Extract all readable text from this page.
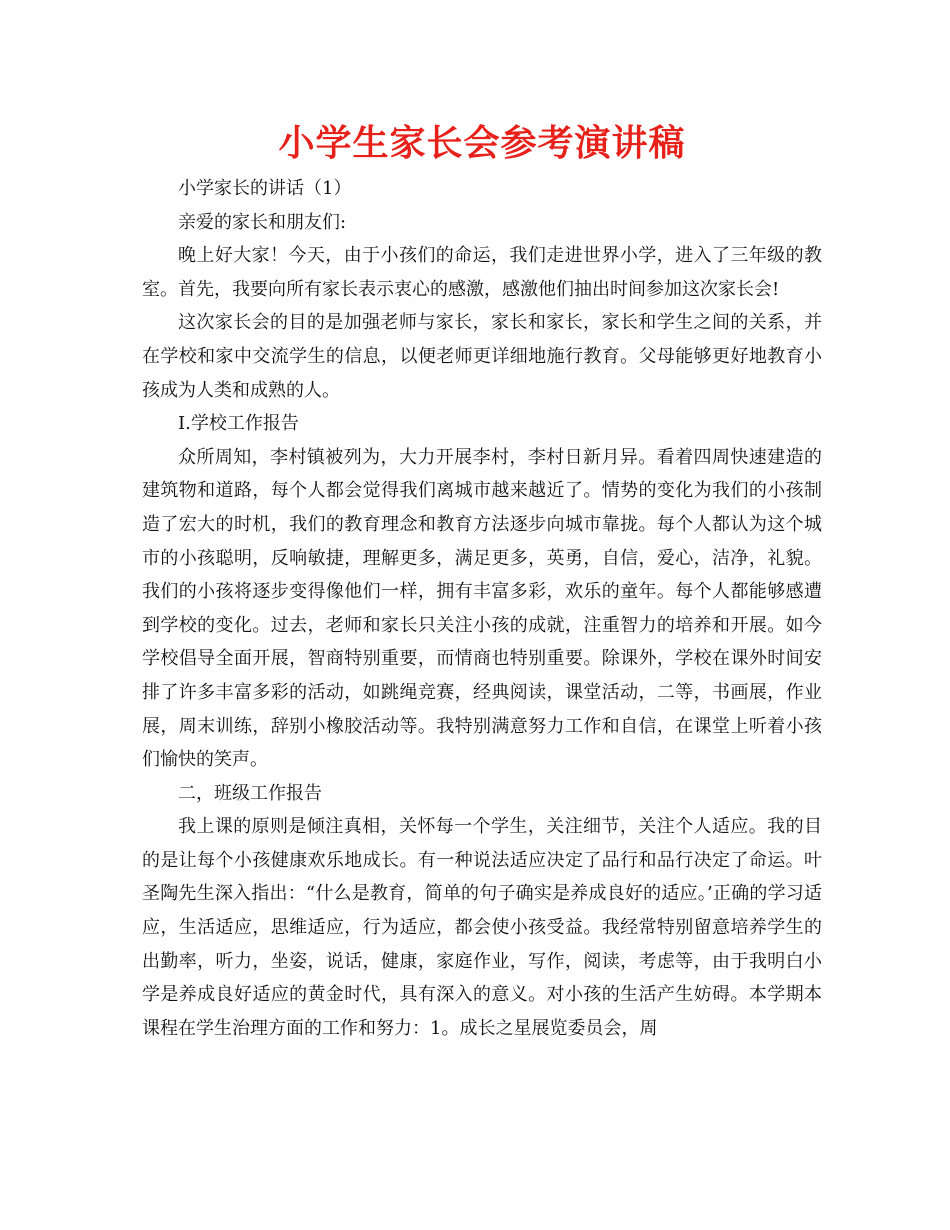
小学生家长会参考演讲稿

小学家长的讲话（1）

亲爱的家长和朋友们:

晚上好大家！今天，由于小孩们的命运，我们走进世界小学，进入了三年级的教室。首先，我要向所有家长表示衷心的感激，感激他们抽出时间参加这次家长会!

这次家长会的目的是加强老师与家长，家长和家长，家长和学生之间的关系，并在学校和家中交流学生的信息，以便老师更详细地施行教育。父母能够更好地教育小孩成为人类和成熟的人。

I.学校工作报告

众所周知，李村镇被列为，大力开展李村，李村日新月异。看着四周快速建造的建筑物和道路，每个人都会觉得我们离城市越来越近了。情势的变化为我们的小孩制造了宏大的时机，我们的教育理念和教育方法逐步向城市靠拢。每个人都认为这个城市的小孩聪明，反响敏捷，理解更多，满足更多，英勇，自信，爱心，洁净，礼貌。我们的小孩将逐步变得像他们一样，拥有丰富多彩，欢乐的童年。每个人都能够感遭到学校的变化。过去，老师和家长只关注小孩的成就，注重智力的培养和开展。如今学校倡导全面开展，智商特别重要，而情商也特别重要。除课外，学校在课外时间安排了许多丰富多彩的活动，如跳绳竞赛，经典阅读，课堂活动，二等，书画展，作业展，周末训练，辞别小橡胶活动等。我特别满意努力工作和自信，在课堂上听着小孩们愉快的笑声。

二，班级工作报告

我上课的原则是倾注真相，关怀每一个学生，关注细节，关注个人适应。我的目的是让每个小孩健康欢乐地成长。有一种说法适应决定了品行和品行决定了命运。叶圣陶先生深入指出：“什么是教育，简单的句子确实是养成良好的适应。’正确的学习适应，生活适应，思维适应，行为适应，都会使小孩受益。我经常特别留意培养学生的出勤率，听力，坐姿，说话，健康，家庭作业，写作，阅读，考虑等，由于我明白小学是养成良好适应的黄金时代，具有深入的意义。对小孩的生活产生妨碍。本学期本课程在学生治理方面的工作和努力：1。成长之星展览委员会，周
